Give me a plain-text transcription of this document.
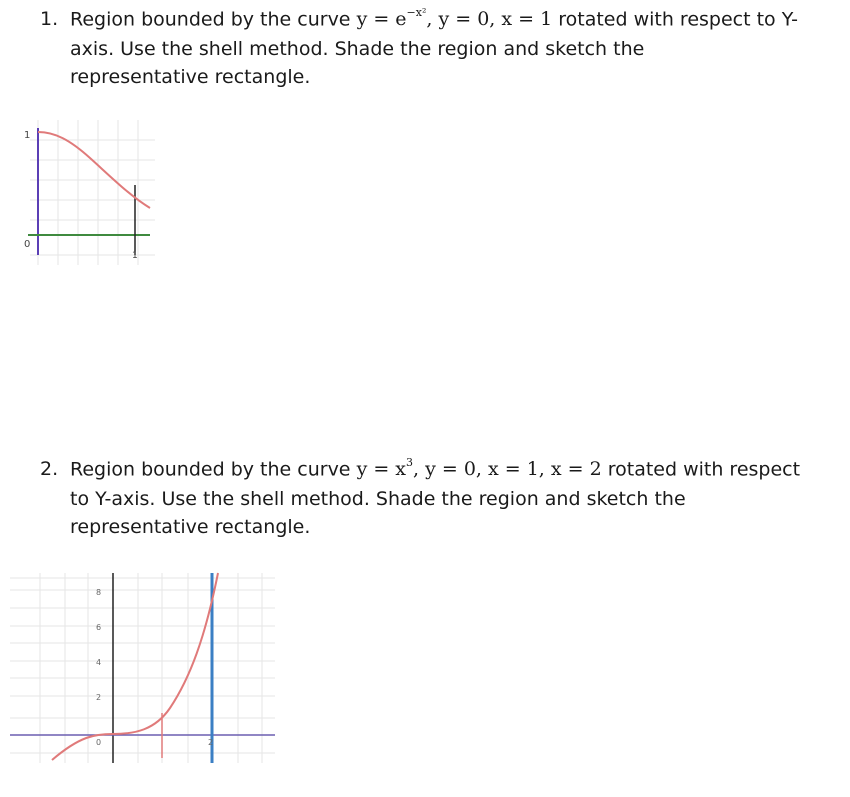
1. Region bounded by the curve $y = e^{-x^2}$, y = 0, x = 1 rotated with respect to Y-
axis. Use the shell method. Shade the region and sketch the
representative rectangle.
1
0
1
2. Region bounded by the curve $y = x^3$, y = 0, x = 1, x = 2 rotated with respect
to Y-axis. Use the shell method. Shade the region and sketch the
representative rectangle.
8
6
4
2
0	2
